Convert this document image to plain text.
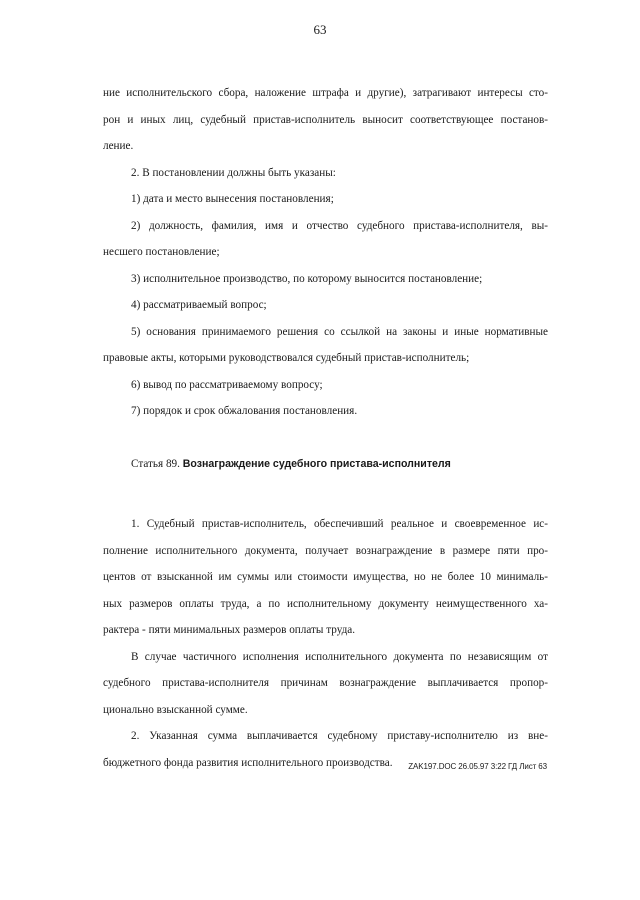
63
ние исполнительского сбора, наложение штрафа и другие), затрагивают интересы сто-
рон и иных лиц, судебный пристав-исполнитель выносит соответствующее постанов-
ление.
2. В постановлении должны быть указаны:
1) дата и место вынесения постановления;
2) должность, фамилия, имя и отчество судебного пристава-исполнителя, вы-
несшего постановление;
3) исполнительное производство, по которому выносится постановление;
4) рассматриваемый вопрос;
5) основания принимаемого решения со ссылкой на законы и иные нормативные
правовые акты, которыми руководствовался судебный пристав-исполнитель;
6) вывод по рассматриваемому вопросу;
7) порядок и срок обжалования постановления.
Статья 89. Вознаграждение судебного пристава-исполнителя
1. Судебный пристав-исполнитель, обеспечивший реальное и своевременное ис-
полнение исполнительного документа, получает вознаграждение в размере пяти про-
центов от взысканной им суммы или стоимости имущества, но не более 10 минималь-
ных размеров оплаты труда, а по исполнительному документу неимущественного ха-
рактера - пяти минимальных размеров оплаты труда.
В случае частичного исполнения исполнительного документа по независящим от
судебного пристава-исполнителя причинам вознаграждение выплачивается пропор-
ционально взысканной сумме.
2. Указанная сумма выплачивается судебному приставу-исполнителю из вне-
бюджетного фонда развития исполнительного производства.	ZAK197.DOC 26.05.97 3:22 ГД Лист 63
